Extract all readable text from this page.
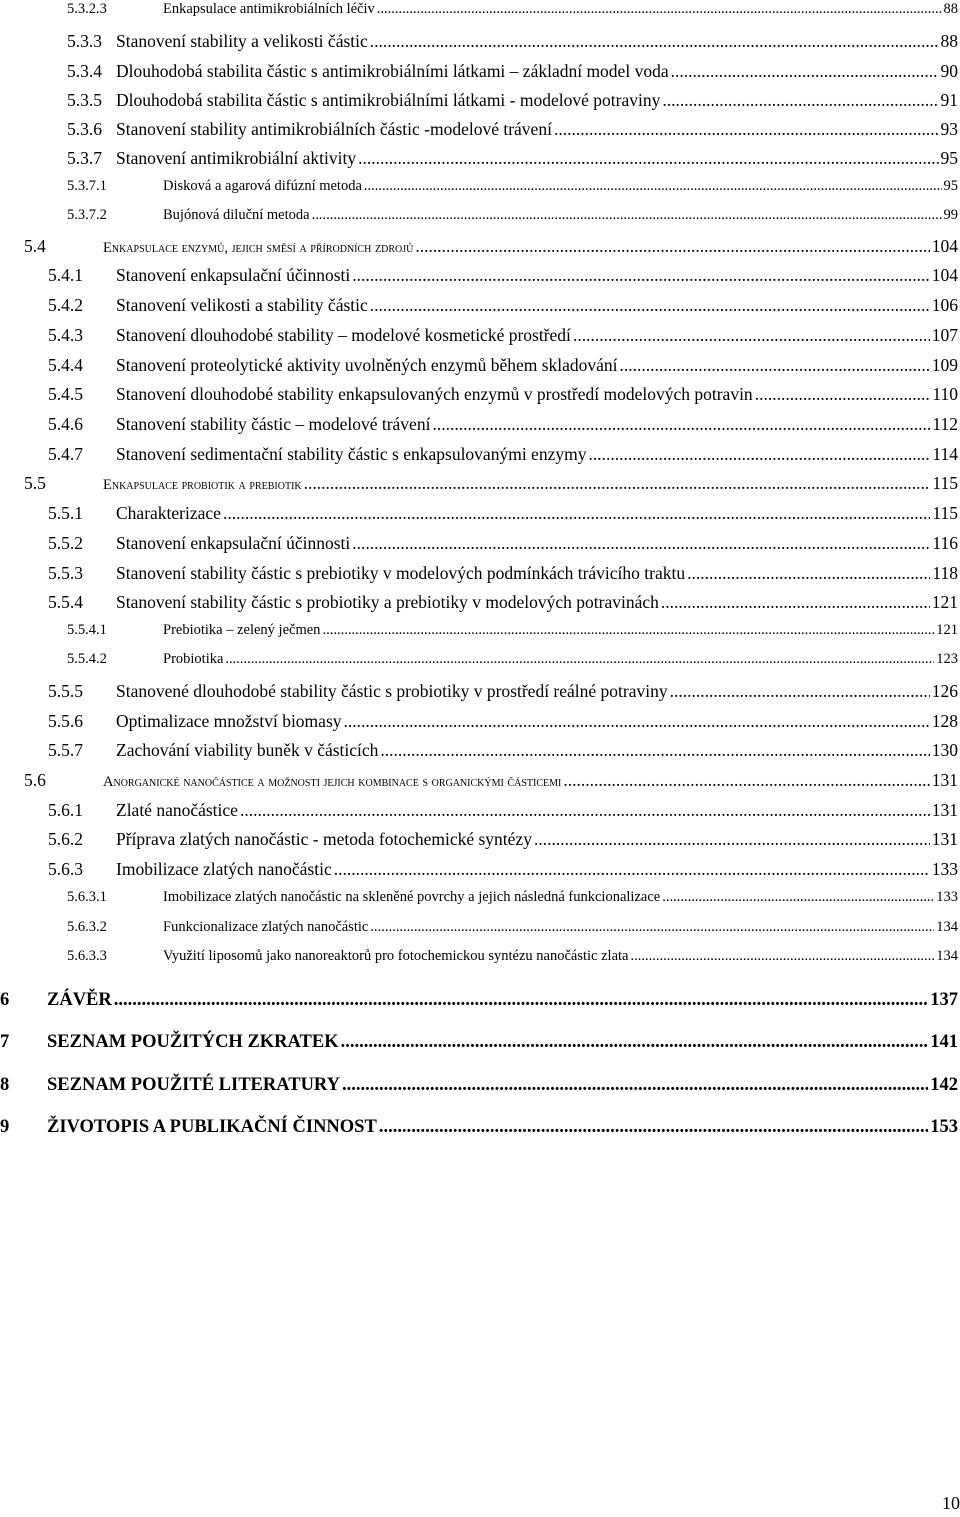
5.3.2.3	Enkapsulace antimikrobiálních léčiv .....	88
5.3.3 Stanovení stability a velikosti částic .....	88
5.3.4 Dlouhodobá stabilita částic s antimikrobiálními látkami – základní model voda .....	90
5.3.5 Dlouhodobá stabilita částic s antimikrobiálními látkami - modelové potraviny .....	91
5.3.6 Stanovení stability antimikrobiálních částic -modelové trávení .....	93
5.3.7 Stanovení antimikrobiální aktivity .....	95
5.3.7.1	Disková a agarová difúzní metoda .....	95
5.3.7.2	Bujónová diluční metoda .....	99
5.4	Enkapsulace enzymů, jejich směsí a přírodních zdrojů .....	104
5.4.1	Stanovení enkapsulační účinnosti .....	104
5.4.2	Stanovení velikosti a stability částic .....	106
5.4.3	Stanovení dlouhodobé stability – modelové kosmetické prostředí .....	107
5.4.4	Stanovení proteolytické aktivity uvolněných enzymů během skladování .....	109
5.4.5	Stanovení dlouhodobé stability enkapsulovaných enzymů v prostředí modelových potravin .....	110
5.4.6	Stanovení stability částic – modelové trávení .....	112
5.4.7	Stanovení sedimentační stability částic s enkapsulovanými enzymy .....	114
5.5	Enkapsulace probiotik a prebiotik .....	115
5.5.1	Charakterizace .....	115
5.5.2	Stanovení enkapsulační účinnosti .....	116
5.5.3	Stanovení stability částic s prebiotiky v modelových podmínkách trávicího traktu .....	118
5.5.4	Stanovení stability částic s probiotiky a prebiotiky v modelových potravinách .....	121
5.5.4.1	Prebiotika – zelený ječmen .....	121
5.5.4.2	Probiotika .....	123
5.5.5	Stanovené dlouhodobé stability částic s probiotiky v prostředí reálné potraviny .....	126
5.5.6	Optimalizace množství biomasy .....	128
5.5.7	Zachování viability buněk v částicích .....	130
5.6	Anorganické nanočástice a možnosti jejich kombinace s organickými částicemi .....	131
5.6.1	Zlaté nanočástice .....	131
5.6.2	Příprava zlatých nanočástic - metoda fotochemické syntézy .....	131
5.6.3	Imobilizace zlatých nanočástic .....	133
5.6.3.1	Imobilizace zlatých nanočástic na skleněné povrchy a jejich následná funkcionalizace .....	133
5.6.3.2	Funkcionalizace zlatých nanočástic .....	134
5.6.3.3	Využití liposomů jako nanoreaktorů pro fotochemickou syntézu nanočástic zlata .....	134
6	ZÁVĚR .....	137
7	SEZNAM POUŽITÝCH ZKRATEK .....	141
8	SEZNAM POUŽITÉ LITERATURY .....	142
9	ŽIVOTOPIS A PUBLIKAČNÍ ČINNOST .....	153
10
